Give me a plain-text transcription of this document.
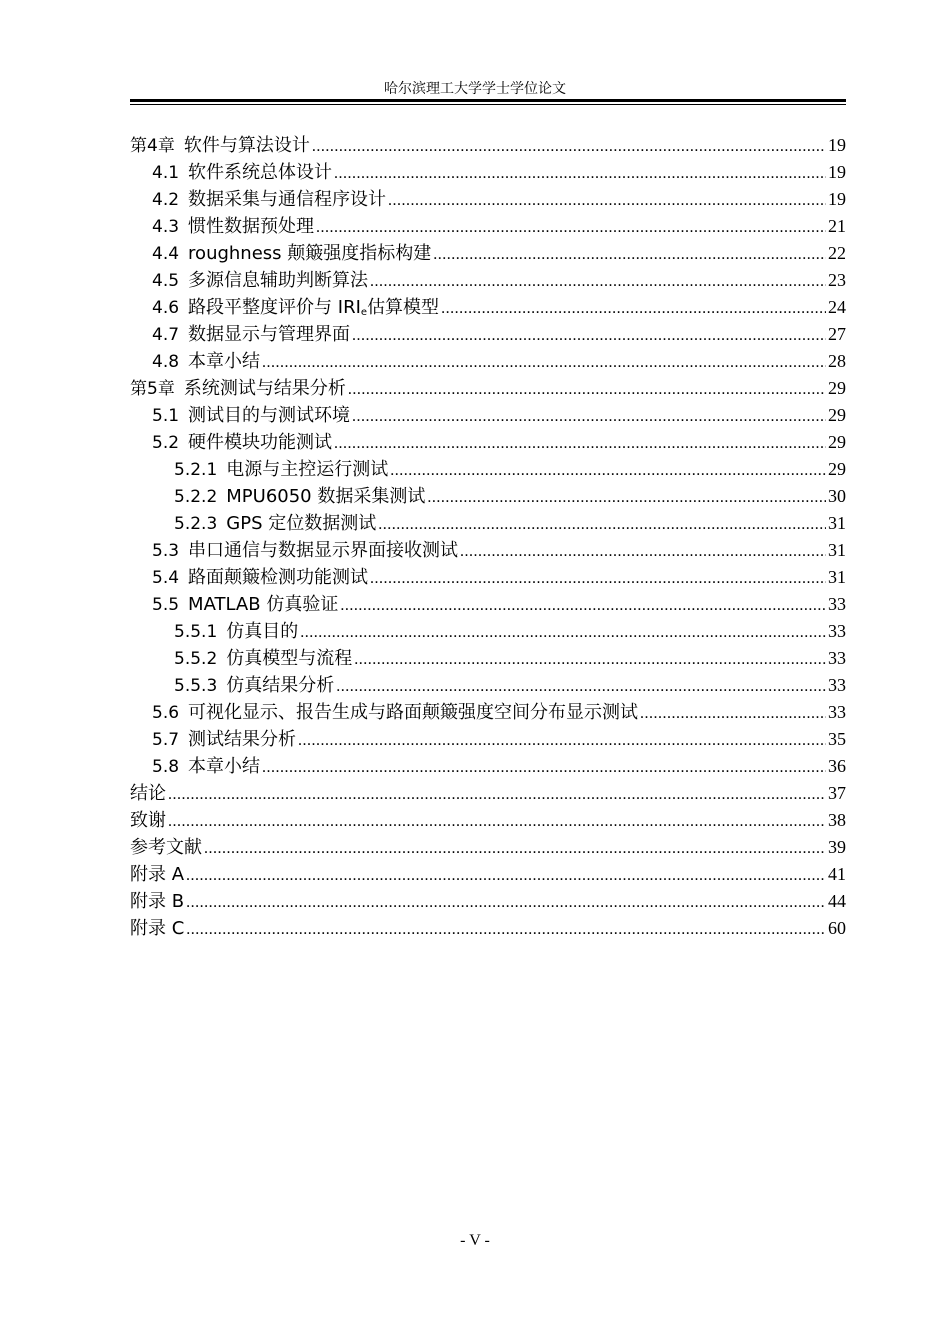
哈尔滨理工大学学士学位论文
第4章 软件与算法设计 .....	19
4.1 软件系统总体设计 .....	19
4.2 数据采集与通信程序设计 .....	19
4.3 惯性数据预处理 .....	21
4.4 roughness 颠簸强度指标构建 .....	22
4.5 多源信息辅助判断算法 .....	23
4.6 路段平整度评价与 $IRI_e$估算模型 .....	24
4.7 数据显示与管理界面 .....	27
4.8 本章小结 .....	28
第5章 系统测试与结果分析 .....	29
5.1 测试目的与测试环境 .....	29
5.2 硬件模块功能测试 .....	29
5.2.1 电源与主控运行测试 .....	29
5.2.2 MPU6050 数据采集测试 .....	30
5.2.3 GPS 定位数据测试 .....	31
5.3 串口通信与数据显示界面接收测试 .....	31
5.4 路面颠簸检测功能测试 .....	31
5.5 MATLAB 仿真验证 .....	33
5.5.1 仿真目的 .....	33
5.5.2 仿真模型与流程 .....	33
5.5.3 仿真结果分析 .....	33
5.6 可视化显示、报告生成与路面颠簸强度空间分布显示测试 .....	33
5.7 测试结果分析 .....	35
5.8 本章小结 .....	36
结论 .....	37
致谢 .....	38
参考文献 .....	39
附录 A .....	41
附录 B .....	44
附录 C .....	60
- V -
